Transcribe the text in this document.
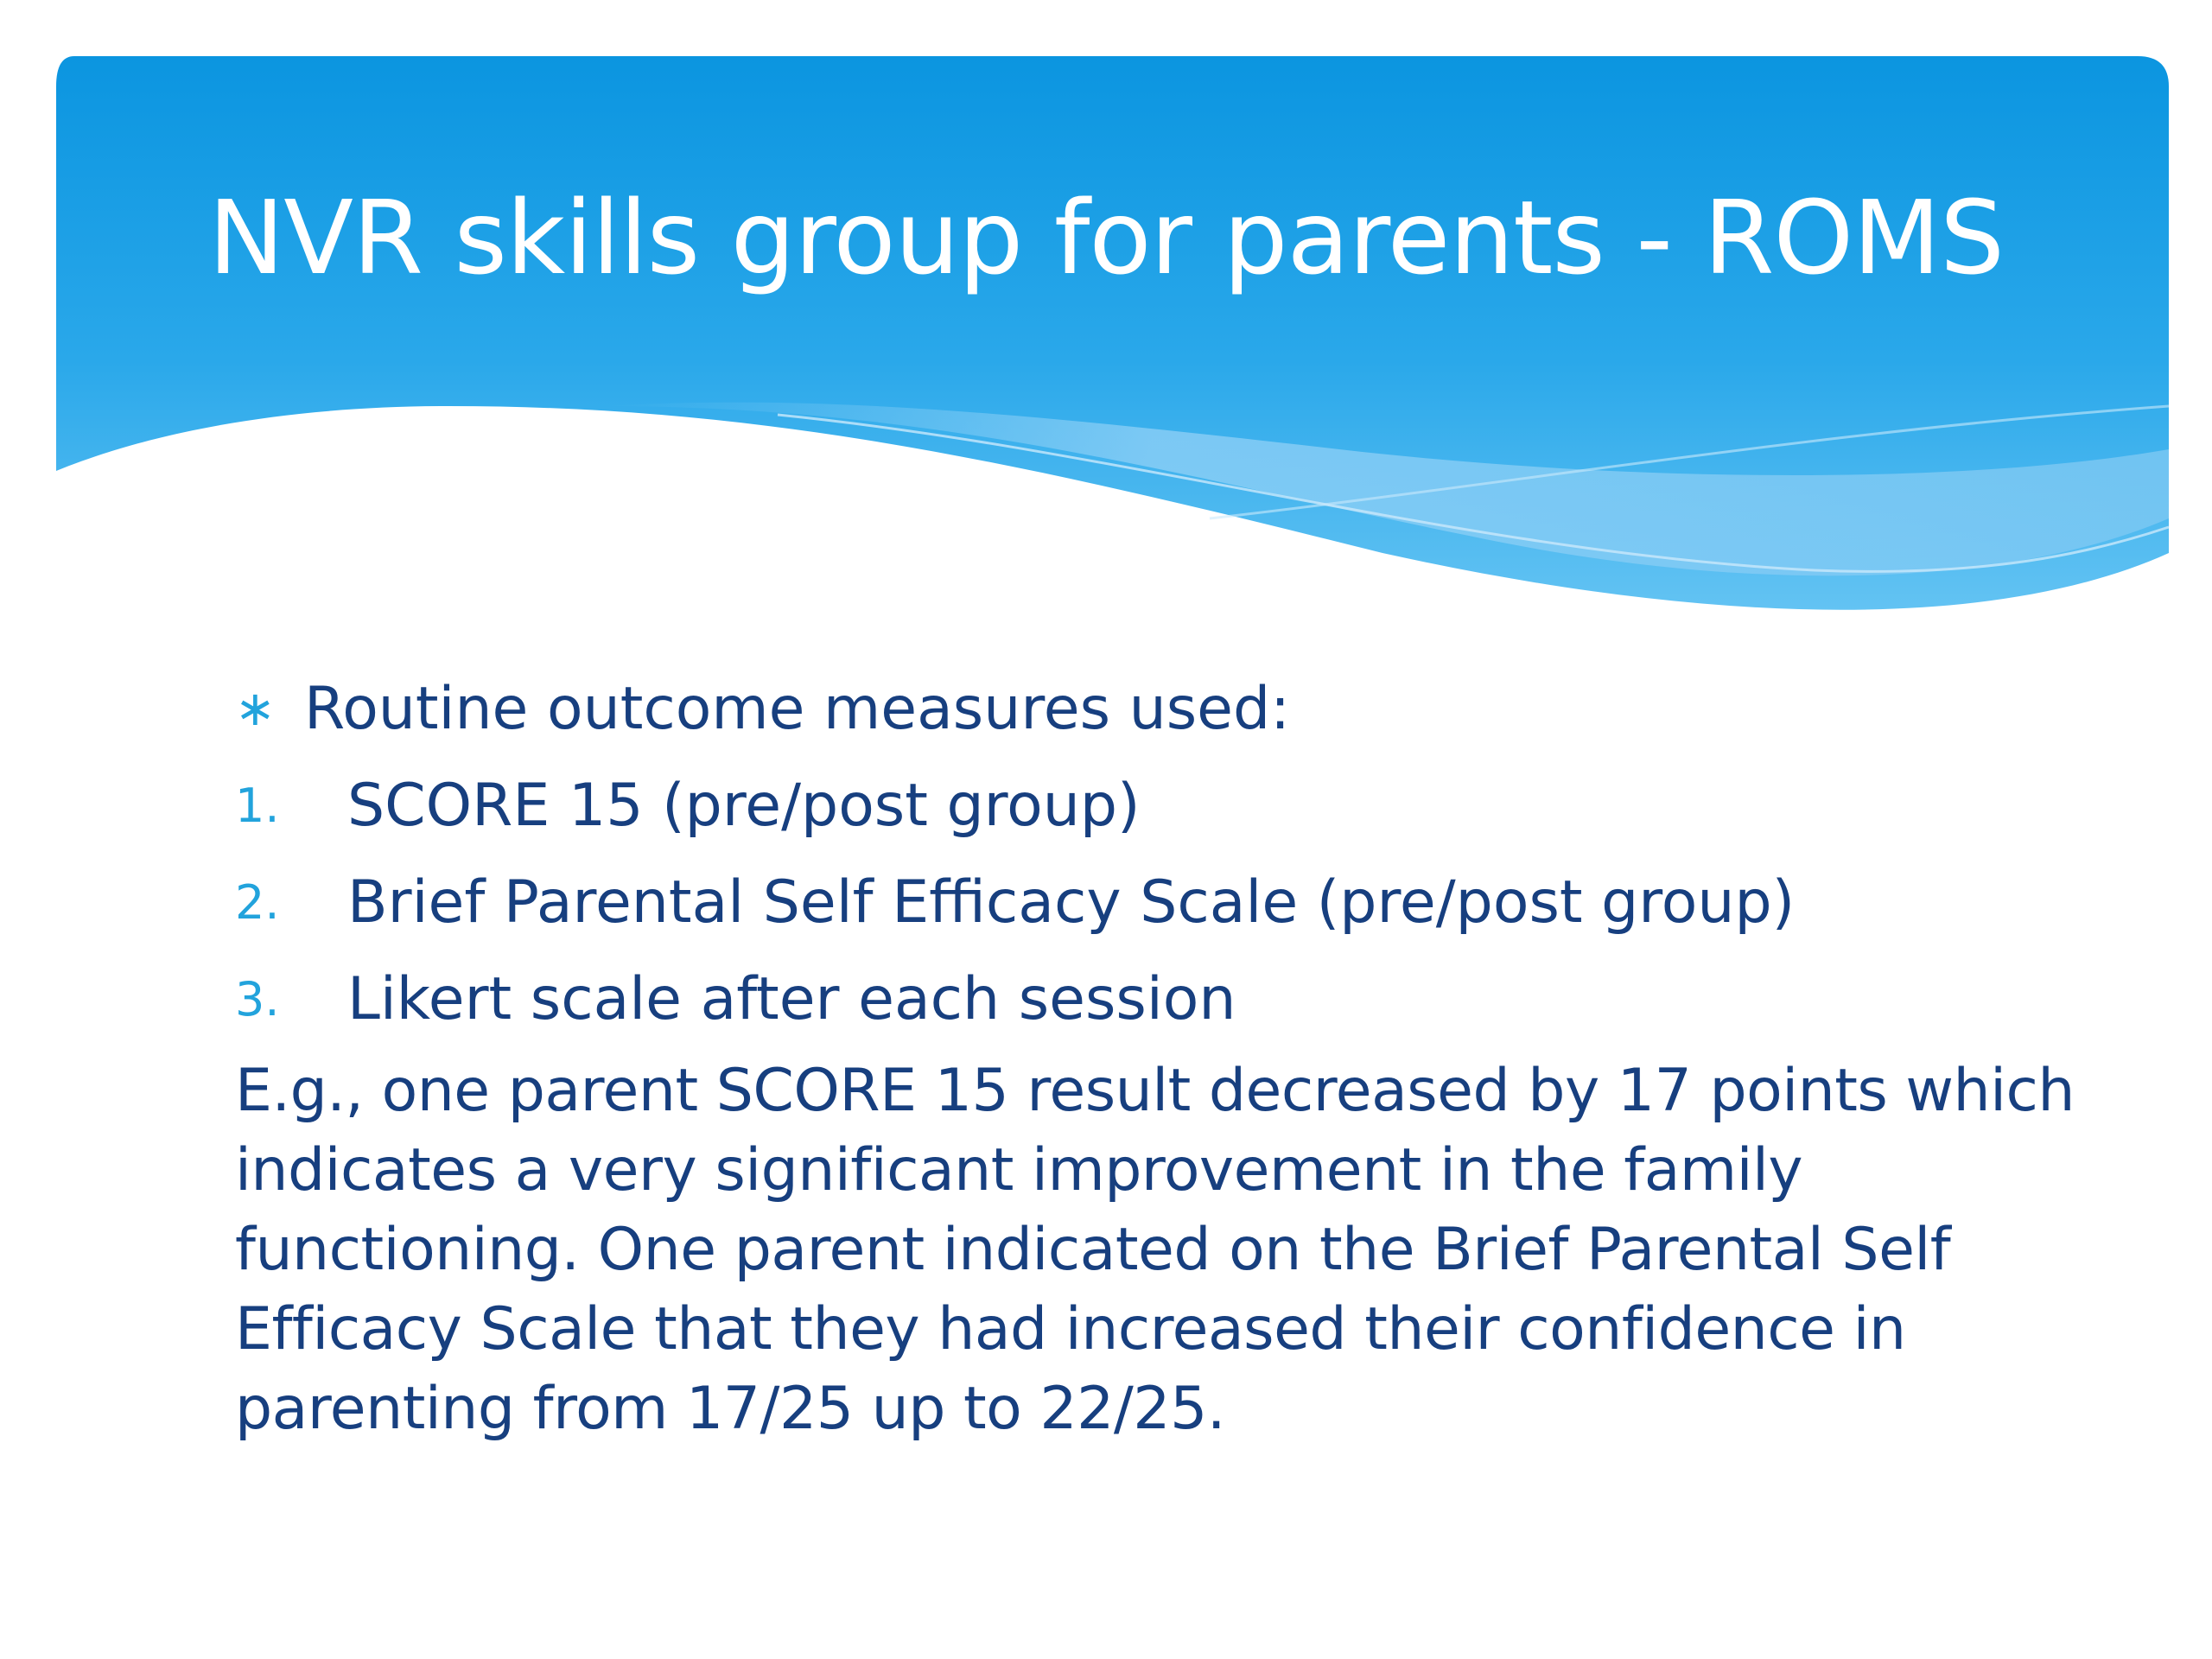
NVR skills group for parents - ROMS
∗ Routine outcome measures used:
1. SCORE 15 (pre/post group)
2. Brief Parental Self Efficacy Scale (pre/post group)
3. Likert scale after each session
E.g., one parent SCORE 15 result decreased by 17 points which indicates a very significant improvement in the family functioning. One parent indicated on the Brief Parental Self Efficacy Scale that they had increased their confidence in parenting from 17/25 up to 22/25.
